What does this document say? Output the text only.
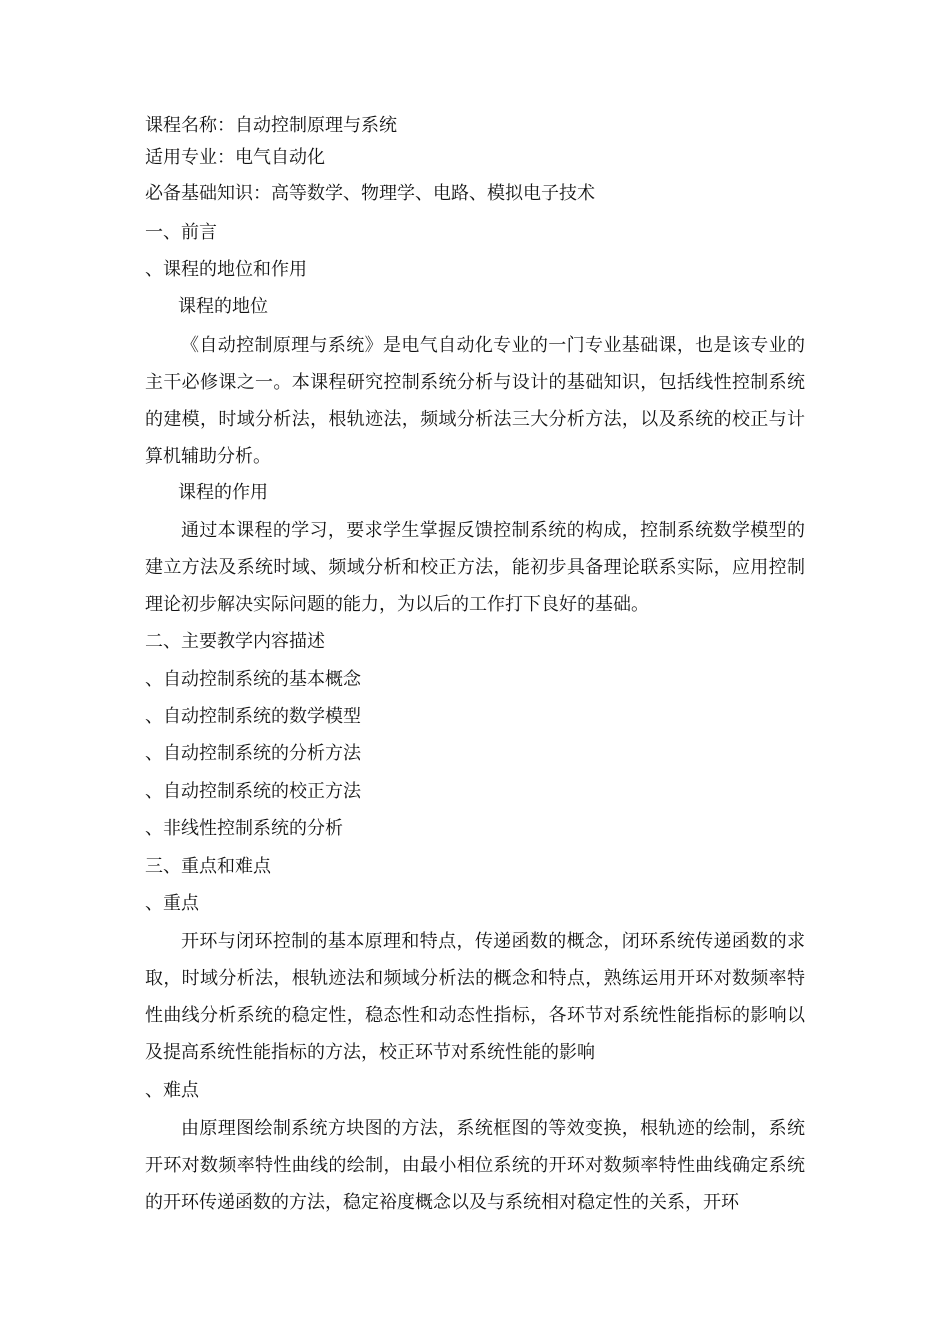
课程名称：自动控制原理与系统
适用专业：电气自动化
必备基础知识：高等数学、物理学、电路、模拟电子技术
一、前言
、课程的地位和作用
课程的地位
《自动控制原理与系统》是电气自动化专业的一门专业基础课，也是该专业的主干必修课之一。本课程研究控制系统分析与设计的基础知识，包括线性控制系统的建模，时域分析法，根轨迹法，频域分析法三大分析方法，以及系统的校正与计算机辅助分析。
课程的作用
通过本课程的学习，要求学生掌握反馈控制系统的构成，控制系统数学模型的建立方法及系统时域、频域分析和校正方法，能初步具备理论联系实际，应用控制理论初步解决实际问题的能力，为以后的工作打下良好的基础。
二、主要教学内容描述
、自动控制系统的基本概念
、自动控制系统的数学模型
、自动控制系统的分析方法
、自动控制系统的校正方法
、非线性控制系统的分析
三、重点和难点
、重点
开环与闭环控制的基本原理和特点，传递函数的概念，闭环系统传递函数的求取，时域分析法，根轨迹法和频域分析法的概念和特点，熟练运用开环对数频率特性曲线分析系统的稳定性，稳态性和动态性指标，各环节对系统性能指标的影响以及提高系统性能指标的方法，校正环节对系统性能的影响
、难点
由原理图绘制系统方块图的方法，系统框图的等效变换，根轨迹的绘制，系统开环对数频率特性曲线的绘制，由最小相位系统的开环对数频率特性曲线确定系统的开环传递函数的方法，稳定裕度概念以及与系统相对稳定性的关系，开环
